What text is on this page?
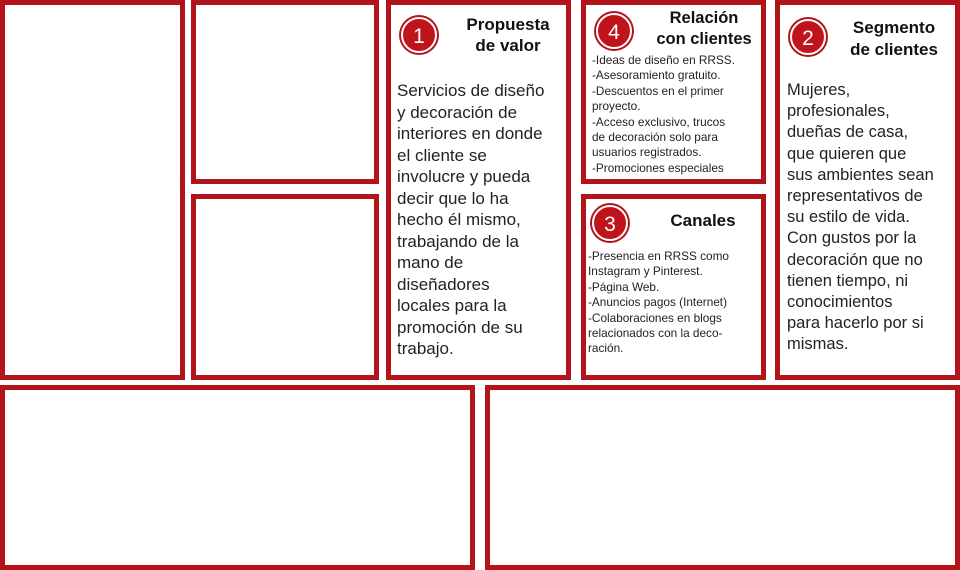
1
Propuesta
de valor
Servicios de diseño
y decoración de
interiores en donde
el cliente se
involucre y pueda
decir que lo ha
hecho él mismo,
trabajando de la
mano de
diseñadores
locales para la
promoción de su
trabajo.
4
Relación
con clientes
-Ideas de diseño en RRSS.
-Asesoramiento gratuito.
-Descuentos en el primer
proyecto.
-Acceso exclusivo, trucos
de decoración solo para
usuarios registrados.
-Promociones especiales
3	Canales
-Presencia en RRSS como
Instagram y Pinterest.
-Página Web.
-Anuncios pagos (Internet)
-Colaboraciones en blogs
relacionados con la deco-
ración.
2	Segmento
de clientes
Mujeres,
profesionales,
dueñas de casa,
que quieren que
sus ambientes sean
representativos de
su estilo de vida.
Con gustos por la
decoración que no
tienen tiempo, ni
conocimientos
para hacerlo por si
mismas.
